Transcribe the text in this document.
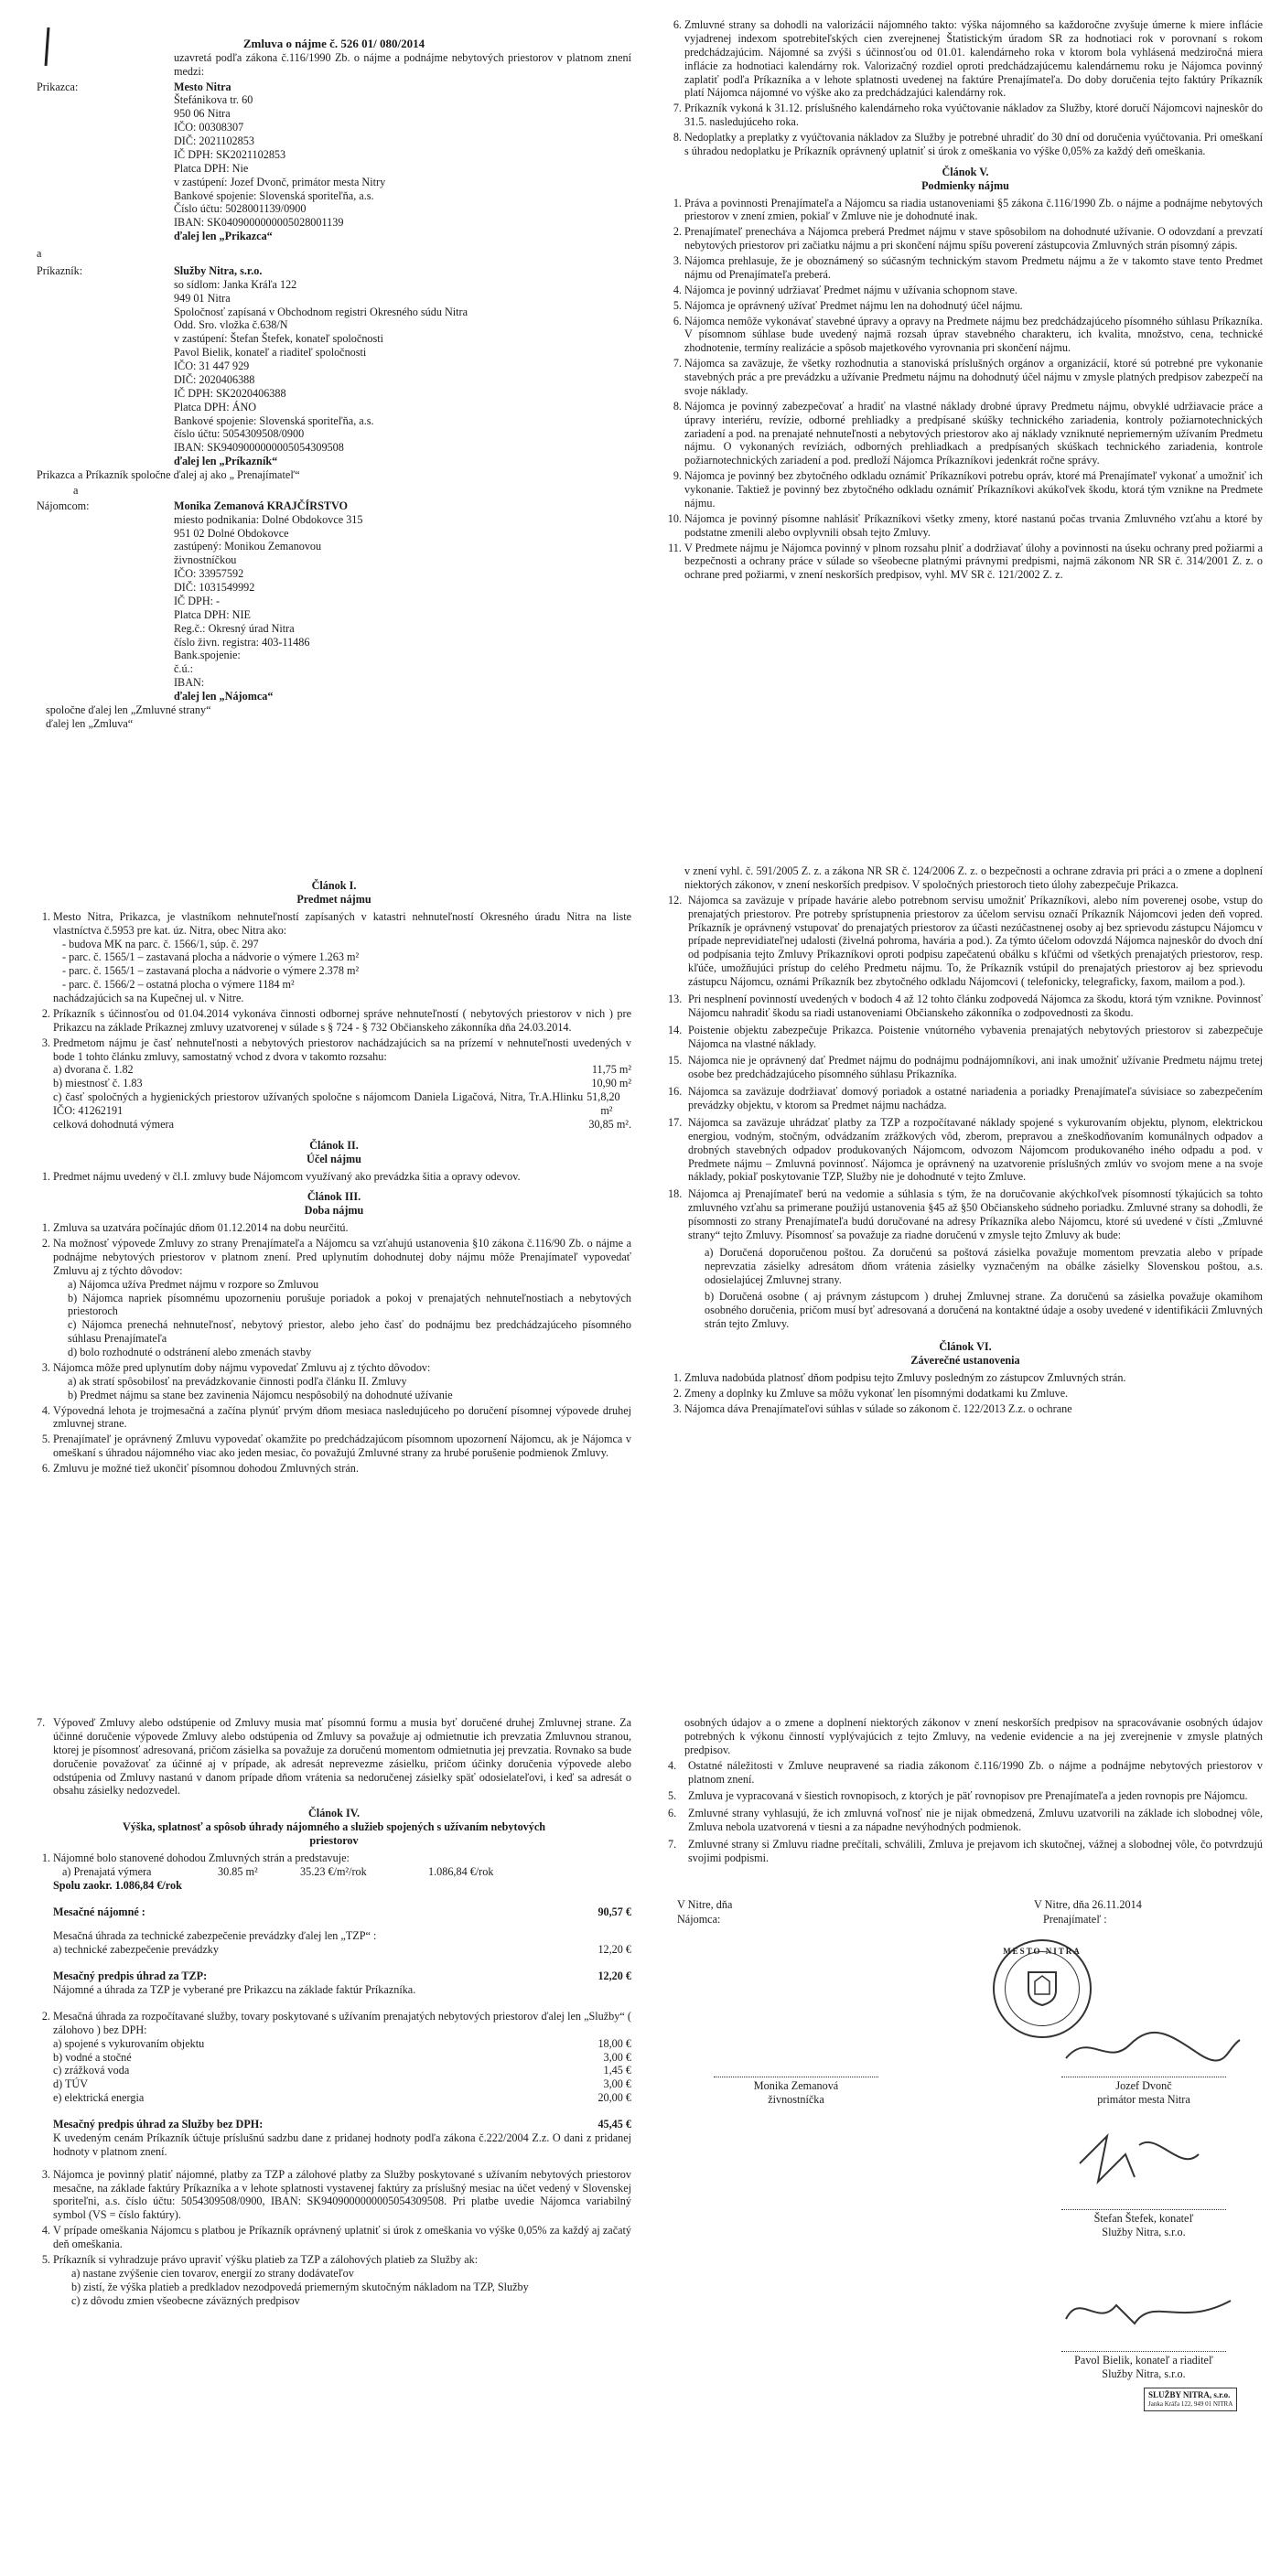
Zmluva o nájme č. 526 01/ 080/2014

uzavretá podľa zákona č.116/1990 Zb. o nájme a podnájme nebytových priestorov v platnom znení medzi:

Prikazca:	Mesto Nitra
Štefánikova tr. 60
950 06 Nitra
IČO: 00308307
DIČ: 2021102853
IČ DPH: SK2021102853
Platca DPH: Nie
v zastúpení: Jozef Dvonč, primátor mesta Nitry
Bankové spojenie: Slovenská sporiteľňa, a.s.
Číslo účtu: 5028001139/0900
IBAN: SK0409000000005028001139
ďalej len „Prikazca“
a
Príkazník:	Služby Nitra, s.r.o.
so sídlom: Janka Kráľa 122
949 01 Nitra
Spoločnosť zapísaná v Obchodnom registri Okresného súdu Nitra
Odd. Sro. vložka č.638/N
v zastúpení: Štefan Štefek, konateľ spoločnosti
Pavol Bielik, konateľ a riaditeľ spoločnosti
IČO: 31 447 929
DIČ: 2020406388
IČ DPH: SK2020406388
Platca DPH: ÁNO
Bankové spojenie: Slovenská sporiteľňa, a.s.
číslo účtu: 5054309508/0900
IBAN: SK9409000000005054309508
ďalej len „Príkazník“
Prikazca a Príkazník spoločne ďalej aj ako „ Prenajímateľ“
a
Nájomcom:	Monika Zemanová KRAJČÍRSTVO
miesto podnikania: Dolné Obdokovce 315
951 02 Dolné Obdokovce
zastúpený: Monikou Zemanovou
živnostníčkou
IČO: 33957592
DIČ: 1031549992
IČ DPH: -
Platca DPH: NIE
Reg.č.: Okresný úrad Nitra
číslo živn. registra: 403-11486
Bank.spojenie:
č.ú.:
IBAN:
ďalej len „Nájomca“
spoločne ďalej len „Zmluvné strany“
ďalej len „Zmluva“
6. Zmluvné strany sa dohodli na valorizácii nájomného takto: výška nájomného sa každoročne zvyšuje úmerne k miere inflácie vyjadrenej indexom spotrebiteľských cien zverejnenej Štatistickým úradom SR za hodnotiaci rok v porovnaní s rokom predchádzajúcim. Nájomné sa zvýši s účinnosťou od 01.01. kalendárneho roka v ktorom bola vyhlásená medziročná miera inflácie za hodnotiaci kalendárny rok. Valorizačný rozdiel oproti predchádzajúcemu kalendárnemu roku je Nájomca povinný zaplatiť podľa Príkazníka a v lehote splatnosti uvedenej na faktúre Prenajímateľa. Do doby doručenia tejto faktúry Príkazník platí Nájomca nájomné vo výške ako za predchádzajúci kalendárny rok.
7. Príkazník vykoná k 31.12. príslušného kalendárneho roka vyúčtovanie nákladov za Služby, ktoré doručí Nájomcovi najneskôr do 31.5. nasledujúceho roka.
8. Nedoplatky a preplatky z vyúčtovania nákladov za Služby je potrebné uhradiť do 30 dní od doručenia vyúčtovania. Pri omeškaní s úhradou nedoplatku je Príkazník oprávnený uplatniť si úrok z omeškania vo výške 0,05% za každý deň omeškania.
Článok V.
Podmienky nájmu
1. Práva a povinnosti Prenajímateľa a Nájomcu sa riadia ustanoveniami §5 zákona č.116/1990 Zb. o nájme a podnájme nebytových priestorov v znení zmien, pokiaľ v Zmluve nie je dohodnuté inak.
2. Prenajímateľ prenecháva a Nájomca preberá Predmet nájmu v stave spôsobilom na dohodnuté užívanie. O odovzdaní a prevzatí nebytových priestorov pri začiatku nájmu a pri skončení nájmu spíšu poverení zástupcovia Zmluvných strán písomný zápis.
3. Nájomca prehlasuje, že je oboznámený so súčasným technickým stavom Predmetu nájmu a že v takomto stave tento Predmet nájmu od Prenajímateľa preberá.
4. Nájomca je povinný udržiavať Predmet nájmu v užívania schopnom stave.
5. Nájomca je oprávnený užívať Predmet nájmu len na dohodnutý účel nájmu.
6. Nájomca nemôže vykonávať stavebné úpravy a opravy na Predmete nájmu bez predchádzajúceho písomného súhlasu Príkazníka. V písomnom súhlase bude uvedený najmä rozsah úprav stavebného charakteru, ich kvalita, množstvo, cena, technické zhodnotenie, termíny realizácie a spôsob majetkového vyrovnania pri skončení nájmu.
7. Nájomca sa zaväzuje, že všetky rozhodnutia a stanoviská príslušných orgánov a organizácií, ktoré sú potrebné pre vykonanie stavebných prác a pre prevádzku a užívanie Predmetu nájmu na dohodnutý účel nájmu v zmysle platných predpisov zabezpečí na svoje náklady.
8. Nájomca je povinný zabezpečovať a hradiť na vlastné náklady drobné úpravy Predmetu nájmu, obvyklé udržiavacie práce a úpravy interiéru, revízie, odborné prehliadky a predpísané skúšky technického zariadenia, kontroly požiarnotechnických zariadení a pod. na prenajaté nehnuteľnosti a nebytových priestorov ako aj náklady vzniknuté nepriemerným užívaním Predmetu nájmu. O vykonaných revíziách, odborných prehliadkach a predpísaných skúškach technického zariadenia, kontrole požiarnotechnických zariadení a pod. predloží Nájomca Príkazníkovi jedenkrát ročne správy.
9. Nájomca je povinný bez zbytočného odkladu oznámiť Príkazníkovi potrebu opráv, ktoré má Prenajímateľ vykonať a umožniť ich vykonanie. Taktiež je povinný bez zbytočného odkladu oznámiť Príkazníkovi akúkoľvek škodu, ktorá tým vznikne na Predmete nájmu.
10. Nájomca je povinný písomne nahlásiť Príkazníkovi všetky zmeny, ktoré nastanú počas trvania Zmluvného vzťahu a ktoré by podstatne zmenili alebo ovplyvnili obsah tejto Zmluvy.
11. V Predmete nájmu je Nájomca povinný v plnom rozsahu plniť a dodržiavať úlohy a povinnosti na úseku ochrany pred požiarmi a bezpečnosti a ochrany práce v súlade so všeobecne platnými právnymi predpismi, najmä zákonom NR SR č. 314/2001 Z. z. o ochrane pred požiarmi, v znení neskorších predpisov, vyhl. MV SR č. 121/2002 Z. z.
Článok I.
Predmet nájmu
1. Mesto Nitra, Prikazca, je vlastníkom nehnuteľností zapísaných v katastri nehnuteľností Okresného úradu Nitra na liste vlastníctva č.5953 pre kat. úz. Nitra, obec Nitra ako:
- budova MK na parc. č. 1566/1, súp. č. 297
- parc. č. 1565/1 – zastavaná plocha a nádvorie o výmere 1.263 m²
- parc. č. 1565/1 – zastavaná plocha a nádvorie o výmere 2.378 m²
- parc. č. 1566/2 – ostatná plocha o výmere 1184 m²
nachádzajúcich sa na Kupečnej ul. v Nitre.
2. Príkazník s účinnosťou od 01.04.2014 vykonáva činnosti odbornej správe nehnuteľností ( nebytových priestorov v nich ) pre Prikazcu na základe Príkaznej zmluvy uzatvorenej v súlade s § 724 - § 732 Občianskeho zákonníka dňa 24.03.2014.
3. Predmetom nájmu je časť nehnuteľnosti a nebytových priestorov nachádzajúcich sa na prízemí v nehnuteľnosti uvedených v bode 1 tohto článku zmluvy, samostatný vchod z dvora v takomto rozsahu:
a) dvorana č. 1.82	11,75 m²
b) miestnosť č. 1.83	10,90 m²
c) časť spoločných a hygienických priestorov užívaných spoločne s nájomcom Daniela Ligačová, Nitra, Tr.A.Hlinku 51, IČO: 41262191
8,20 m²
celková dohodnutá výmera	30,85 m².
Článok II.
Účel nájmu
1. Predmet nájmu uvedený v čl.I. zmluvy bude Nájomcom využívaný ako prevádzka šitia a opravy odevov.
Článok III.
Doba nájmu
1. Zmluva sa uzatvára počínajúc dňom 01.12.2014 na dobu neurčitú.
2. Na možnosť výpovede Zmluvy zo strany Prenajímateľa a Nájomcu sa vzťahujú ustanovenia §10 zákona č.116/90 Zb. o nájme a podnájme nebytových priestorov v platnom znení. Pred uplynutím dohodnutej doby nájmu môže Prenajímateľ vypovedať Zmluvu aj z týchto dôvodov:
a) Nájomca užíva Predmet nájmu v rozpore so Zmluvou
b) Nájomca napriek písomnému upozorneniu porušuje poriadok a pokoj v prenajatých nehnuteľnostiach a nebytových priestoroch
c) Nájomca prenechá nehnuteľnosť, nebytový priestor, alebo jeho časť do podnájmu bez predchádzajúceho písomného súhlasu Prenajímateľa
d) bolo rozhodnuté o odstránení alebo zmenách stavby
3. Nájomca môže pred uplynutím doby nájmu vypovedať Zmluvu aj z týchto dôvodov:
a) ak stratí spôsobilosť na prevádzkovanie činnosti podľa článku II. Zmluvy
b) Predmet nájmu sa stane bez zavinenia Nájomcu nespôsobilý na dohodnuté užívanie
4. Výpovedná lehota je trojmesačná a začína plynúť prvým dňom mesiaca nasledujúceho po doručení písomnej výpovede druhej zmluvnej strane.
5. Prenajímateľ je oprávnený Zmluvu vypovedať okamžite po predchádzajúcom písomnom upozornení Nájomcu, ak je Nájomca v omeškaní s úhradou nájomného viac ako jeden mesiac, čo považujú Zmluvné strany za hrubé porušenie podmienok Zmluvy.
6. Zmluvu je možné tiež ukončiť písomnou dohodou Zmluvných strán.

v znení vyhl. č. 591/2005 Z. z. a zákona NR SR č. 124/2006 Z. z. o bezpečnosti a ochrane zdravia pri práci a o zmene a doplnení niektorých zákonov, v znení neskorších predpisov. V spoločných priestoroch tieto úlohy zabezpečuje Prikazca.

12. Nájomca sa zaväzuje v prípade havárie alebo potrebnom servisu umožniť Príkazníkovi, alebo ním poverenej osobe, vstup do prenajatých priestorov. Pre potreby sprístupnenia priestorov za účelom servisu označí Príkazník Nájomcovi jeden deň vopred. Príkazník je oprávnený vstupovať do prenajatých priestorov za účasti nezúčastnenej osoby aj bez sprievodu zástupcu Nájomcu v prípade neprevidiateľnej udalosti (živelná pohroma, havária a pod.). Za týmto účelom odovzdá Nájomca najneskôr do dvoch dní od podpísania tejto Zmluvy Príkazníkovi oproti podpisu zapečatenú obálku s kľúčmi od všetkých prenajatých priestorov, resp. kľúče, umožňujúci prístup do celého Predmetu nájmu. To, že Príkazník vstúpil do prenajatých priestorov aj bez sprievodu zástupcu Nájomcu, oznámi Príkazník bez zbytočného odkladu Nájomcovi ( telefonicky, telegraficky, faxom, mailom a pod.).

13. Pri nesplnení povinností uvedených v bodoch 4 až 12 tohto článku zodpovedá Nájomca za škodu, ktorá tým vznikne. Povinnosť Nájomcu nahradiť škodu sa riadi ustanoveniami Občianskeho zákonníka o zodpovednosti za škodu.

14. Poistenie objektu zabezpečuje Prikazca. Poistenie vnútorného vybavenia prenajatých nebytových priestorov si zabezpečuje Nájomca na vlastné náklady.

15. Nájomca nie je oprávnený dať Predmet nájmu do podnájmu podnájomníkovi, ani inak umožniť užívanie Predmetu nájmu tretej osobe bez predchádzajúceho písomného súhlasu Príkazníka.

16. Nájomca sa zaväzuje dodržiavať domový poriadok a ostatné nariadenia a poriadky Prenajímateľa súvisiace so zabezpečením prevádzky objektu, v ktorom sa Predmet nájmu nachádza.

17. Nájomca sa zaväzuje uhrádzať platby za TZP a rozpočítavané náklady spojené s vykurovaním objektu, plynom, elektrickou energiou, vodným, stočným, odvádzaním zrážkových vôd, zberom, prepravou a zneškodňovaním komunálnych odpadov a drobných stavebných odpadov produkovaných Nájomcom, odvozom Nájomcom produkovaného iného odpadu a pod. v Predmete nájmu – Zmluvná povinnosť. Nájomca je oprávnený na uzatvorenie príslušných zmlúv vo svojom mene a na svoje náklady, pokiaľ poskytovanie TZP, Služby nie je dohodnuté v tejto Zmluve.

18. Nájomca aj Prenajímateľ berú na vedomie a súhlasia s tým, že na doručovanie akýchkoľvek písomností týkajúcich sa tohto zmluvného vzťahu sa primerane použijú ustanovenia §45 až §50 Občianskeho súdneho poriadku. Zmluvné strany sa dohodli, že písomnosti zo strany Prenajímateľa budú doručované na adresy Príkazníka alebo Nájomcu, ktoré sú uvedené v čísti „Zmluvné strany“ tejto Zmluvy. Písomnosť sa považuje za riadne doručenú v zmysle tejto Zmluvy ak bude:

a) Doručená doporučenou poštou. Za doručenú sa poštová zásielka považuje momentom prevzatia alebo v prípade neprevzatia zásielky adresátom dňom vrátenia zásielky vyznačeným na obálke zásielky Slovenskou poštou, a.s. odosielajúcej Zmluvnej strany.

b) Doručená osobne ( aj právnym zástupcom ) druhej Zmluvnej strane. Za doručenú sa zásielka považuje okamihom osobného doručenia, pričom musí byť adresovaná a doručená na kontaktné údaje a osoby uvedené v identifikácii Zmluvných strán tejto Zmluvy.

Článok VI.
Záverečné ustanovenia
1. Zmluva nadobúda platnosť dňom podpisu tejto Zmluvy posledným zo zástupcov Zmluvných strán.
2. Zmeny a doplnky ku Zmluve sa môžu vykonať len písomnými dodatkami ku Zmluve.
3. Nájomca dáva Prenajímateľovi súhlas v súlade so zákonom č. 122/2013 Z.z. o ochrane
7. Výpoveď Zmluvy alebo odstúpenie od Zmluvy musia mať písomnú formu a musia byť doručené druhej Zmluvnej strane. Za účinné doručenie výpovede Zmluvy alebo odstúpenia od Zmluvy sa považuje aj odmietnutie ich prevzatia Zmluvnou stranou, ktorej je písomnosť adresovaná, pričom zásielka sa považuje za doručenú momentom odmietnutia jej prevzatia. Rovnako sa bude doručenie považovať za účinné aj v prípade, ak adresát neprevezme zásielku, pričom účinky doručenia výpovede alebo odstúpenia od Zmluvy nastanú v danom prípade dňom vrátenia sa nedoručenej zásielky späť odosielateľovi, i keď sa adresát o obsahu zásielky nedozvedel.

Článok IV.
Výška, splatnosť a spôsob úhrady nájomného a služieb spojených s užívaním nebytových priestorov
1. Nájomné bolo stanovené dohodou Zmluvných strán a predstavuje:
a) Prenajatá výmera	30.85 m²	35.23 €/m²/rok	1.086,84 €/rok
Spolu zaokr. 1.086,84 €/rok
Mesačné nájomné :	90,57 €
Mesačná úhrada za technické zabezpečenie prevádzky ďalej len „TZP“ :
a) technické zabezpečenie prevádzky	12,20 €
Mesačný predpis úhrad za TZP:	12,20 €
Nájomné a úhrada za TZP je vyberané pre Prikazcu na základe faktúr Príkazníka.
2. Mesačná úhrada za rozpočítavané služby, tovary poskytované s užívaním prenajatých nebytových priestorov ďalej len „Služby“ ( zálohovo ) bez DPH:
a) spojené s vykurovaním objektu	18,00 €
b) vodné a stočné	3,00 €
c) zrážková voda	1,45 €
d) TÚV	3,00 €
e) elektrická energia	20,00 €
Mesačný predpis úhrad za Služby bez DPH:	45,45 €
K uvedeným cenám Príkazník účtuje príslušnú sadzbu dane z pridanej hodnoty podľa zákona č.222/2004 Z.z. O dani z pridanej hodnoty v platnom znení.
3. Nájomca je povinný platiť nájomné, platby za TZP a zálohové platby za Služby poskytované s užívaním nebytových priestorov mesačne, na základe faktúry Príkazníka a v lehote splatnosti vystavenej faktúry za príslušný mesiac na účet vedený v Slovenskej sporiteľni, a.s. číslo účtu: 5054309508/0900, IBAN: SK9409000000005054309508. Pri platbe uvedie Nájomca variabilný symbol (VS = číslo faktúry).
4. V prípade omeškania Nájomcu s platbou je Príkazník oprávnený uplatniť si úrok z omeškania vo výške 0,05% za každý aj začatý deň omeškania.
5. Príkazník si vyhradzuje právo upraviť výšku platieb za TZP a zálohových platieb za Služby ak:
a) nastane zvýšenie cien tovarov, energií zo strany dodávateľov
b) zistí, že výška platieb a predkladov nezodpovedá priemerným skutočným nákladom na TZP, Služby
c) z dôvodu zmien všeobecne záväzných predpisov

osobných údajov a o zmene a doplnení niektorých zákonov v znení neskorších predpisov na spracovávanie osobných údajov potrebných k výkonu činností vyplývajúcich z tejto Zmluvy, na vedenie evidencie a na jej zverejnenie v zmysle platných predpisov.

4.	Ostatné náležitosti v Zmluve neupravené sa riadia zákonom č.116/1990 Zb. o nájme a podnájme nebytových priestorov v platnom znení.

5.	Zmluva je vypracovaná v šiestich rovnopisoch, z ktorých je päť rovnopisov pre Prenajímateľa a jeden rovnopis pre Nájomcu.

6.	Zmluvné strany vyhlasujú, že ich zmluvná voľnosť nie je nijak obmedzená, Zmluvu uzatvorili na základe ich slobodnej vôle, Zmluva nebola uzatvorená v tiesni a za nápadne nevýhodných podmienok.

7.	Zmluvné strany si Zmluvu riadne prečítali, schválili, Zmluva je prejavom ich skutočnej, vážnej a slobodnej vôle, čo potvrdzujú svojimi podpismi.

V Nitre, dňa
Nájomca:
V Nitre, dňa 26.11.2014
Prenajímateľ :
MESTO NITRA
Monika Zemanová
živnostníčka
Jozef Dvonč
primátor mesta Nitra
Štefan Štefek, konateľ
Služby Nitra, s.r.o.
Pavol Bielik, konateľ a riaditeľ
Služby Nitra, s.r.o.
SLUŽBY NITRA, s.r.o.
Janka Kráľa 122, 949 01 NITRA
